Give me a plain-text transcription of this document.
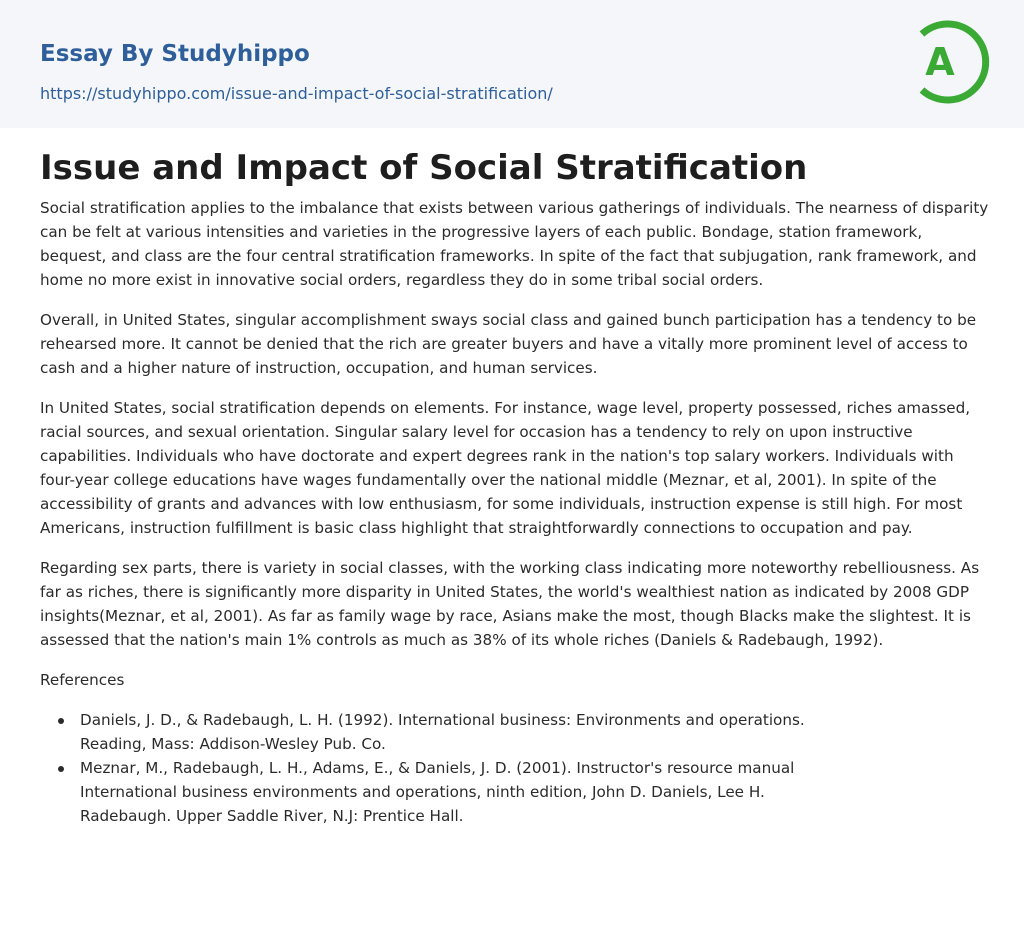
Essay By Studyhippo
https://studyhippo.com/issue-and-impact-of-social-stratification/
A
Issue and Impact of Social Stratification

Social stratification applies to the imbalance that exists between various gatherings of individuals. The nearness of disparity can be felt at various intensities and varieties in the progressive layers of each public. Bondage, station framework, bequest, and class are the four central stratification frameworks. In spite of the fact that subjugation, rank framework, and home no more exist in innovative social orders, regardless they do in some tribal social orders.

Overall, in United States, singular accomplishment sways social class and gained bunch participation has a tendency to be rehearsed more. It cannot be denied that the rich are greater buyers and have a vitally more prominent level of access to cash and a higher nature of instruction, occupation, and human services.

In United States, social stratification depends on elements. For instance, wage level, property possessed, riches amassed, racial sources, and sexual orientation. Singular salary level for occasion has a tendency to rely on upon instructive capabilities. Individuals who have doctorate and expert degrees rank in the nation's top salary workers. Individuals with four-year college educations have wages fundamentally over the national middle (Meznar, et al, 2001). In spite of the accessibility of grants and advances with low enthusiasm, for some individuals, instruction expense is still high. For most Americans, instruction fulfillment is basic class highlight that straightforwardly connections to occupation and pay.

Regarding sex parts, there is variety in social classes, with the working class indicating more noteworthy rebelliousness. As far as riches, there is significantly more disparity in United States, the world's wealthiest nation as indicated by 2008 GDP insights(Meznar, et al, 2001). As far as family wage by race, Asians make the most, though Blacks make the slightest. It is assessed that the nation's main 1% controls as much as 38% of its whole riches (Daniels & Radebaugh, 1992).

References

Daniels, J. D., & Radebaugh, L. H. (1992). International business: Environments and operations. Reading, Mass: Addison-Wesley Pub. Co.
Meznar, M., Radebaugh, L. H., Adams, E., & Daniels, J. D. (2001). Instructor's resource manual International business environments and operations, ninth edition, John D. Daniels, Lee H. Radebaugh. Upper Saddle River, N.J: Prentice Hall.
